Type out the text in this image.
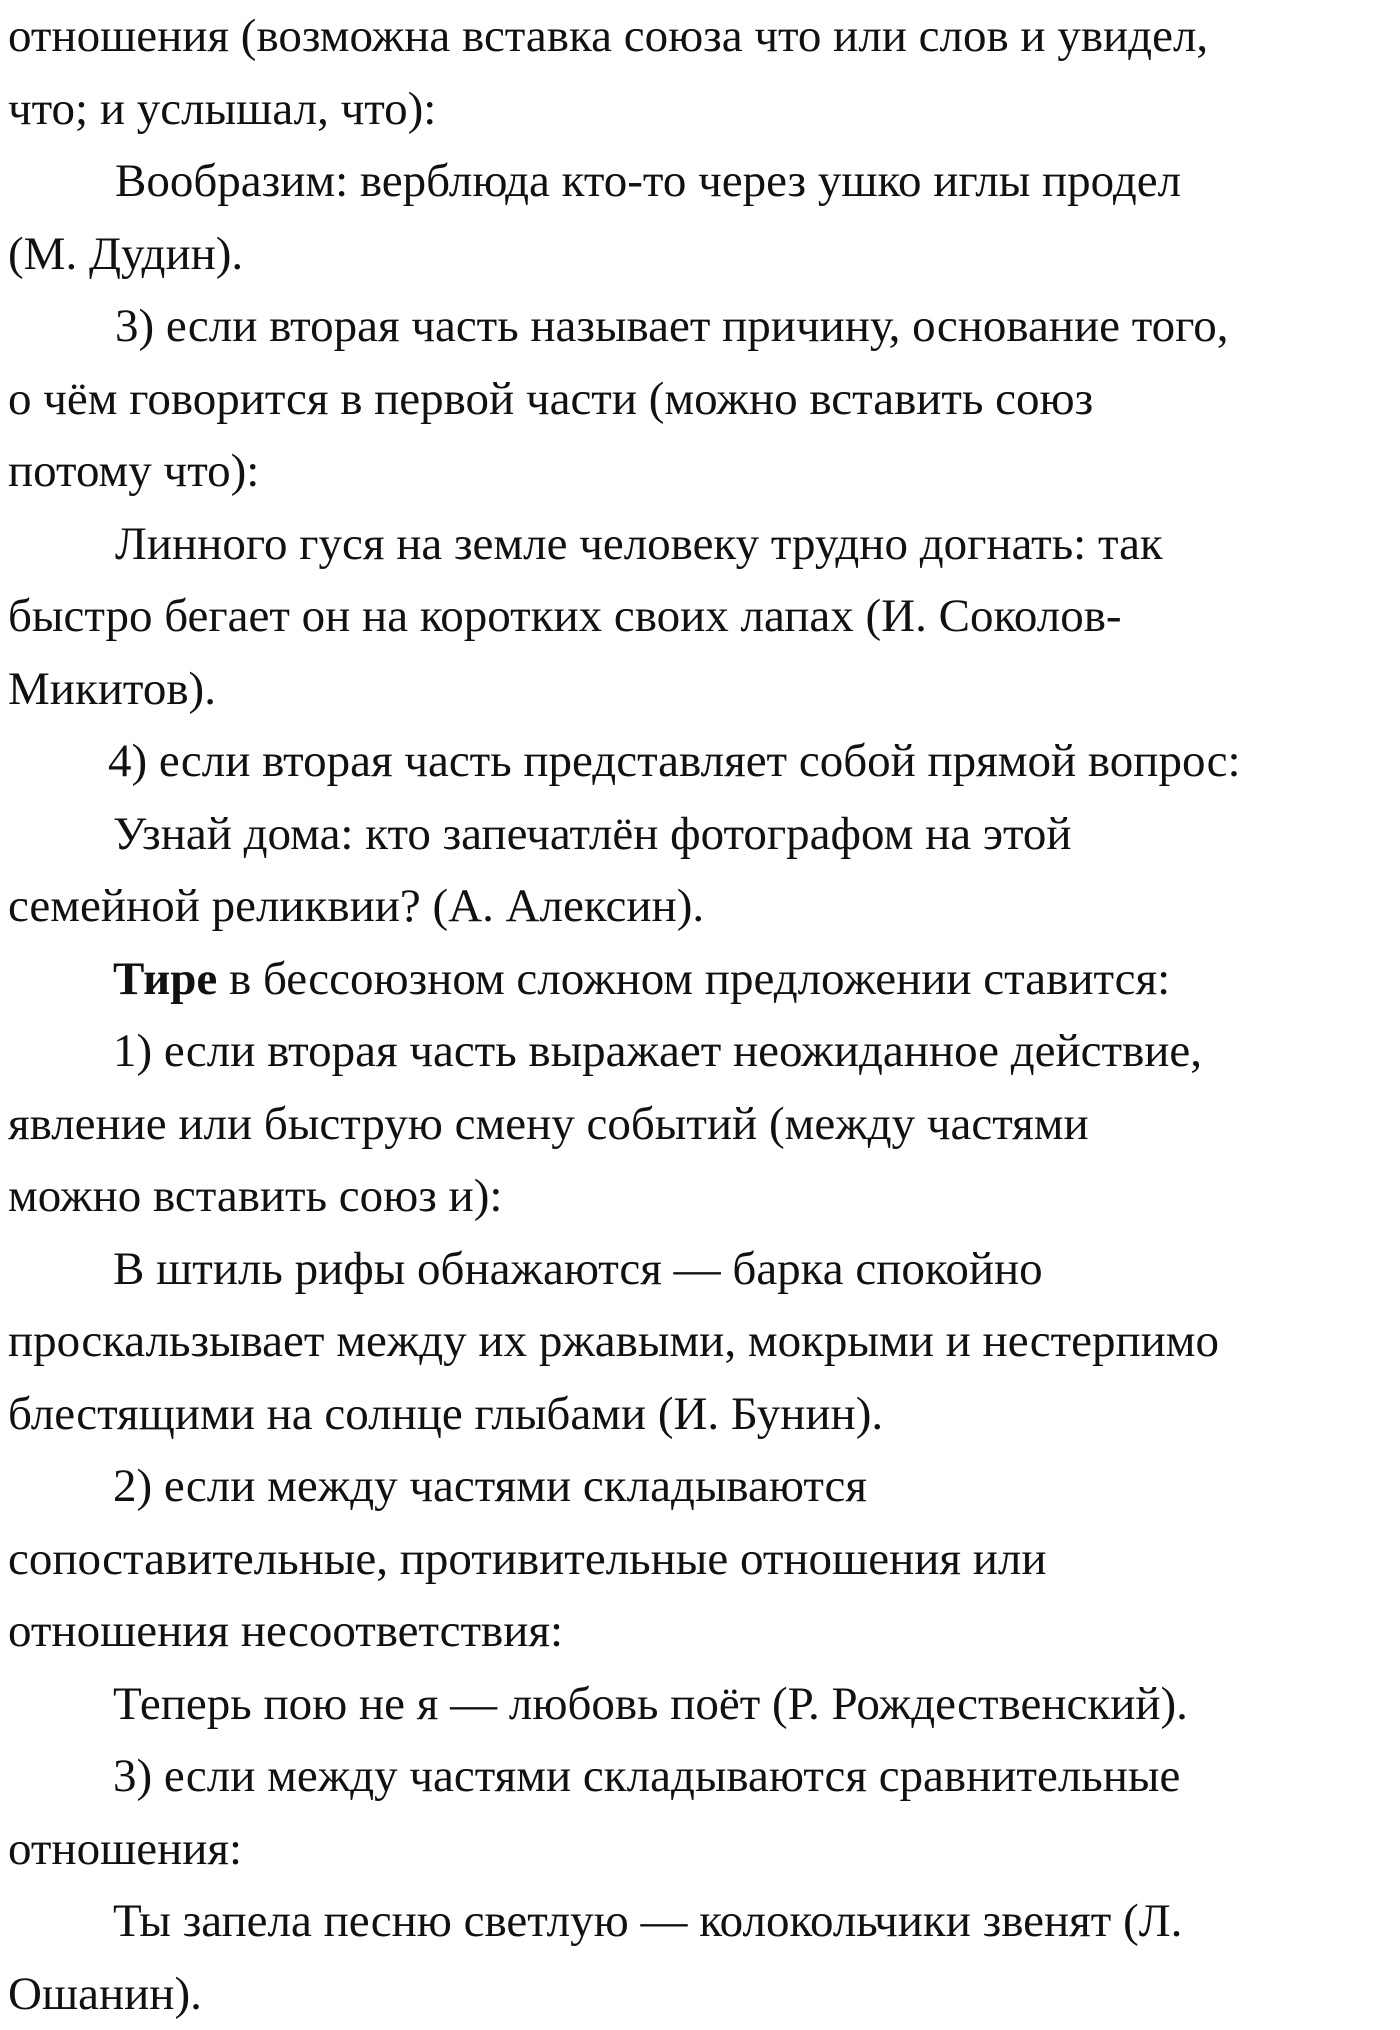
отношения (возможна вставка союза что или слов и увидел,
что; и услышал, что):
Вообразим: верблюда кто-то через ушко иглы продел
(М. Дудин).
3) если вторая часть называет причину, основание того,
о чём говорится в первой части (можно вставить союз
потому что):
Линного гуся на земле человеку трудно догнать: так
быстро бегает он на коротких своих лапах (И. Соколов-
Микитов).
4) если вторая часть представляет собой прямой вопрос:
Узнай дома: кто запечатлён фотографом на этой
семейной реликвии? (А. Алексин).
Тире в бессоюзном сложном предложении ставится:
1) если вторая часть выражает неожиданное действие,
явление или быструю смену событий (между частями
можно вставить союз и):
В штиль рифы обнажаются — барка спокойно
проскальзывает между их ржавыми, мокрыми и нестерпимо
блестящими на солнце глыбами (И. Бунин).
2) если между частями складываются
сопоставительные, противительные отношения или
отношения несоответствия:
Теперь пою не я — любовь поёт (Р. Рождественский).
3) если между частями складываются сравнительные
отношения:
Ты запела песню светлую — колокольчики звенят (Л.
Ошанин).
